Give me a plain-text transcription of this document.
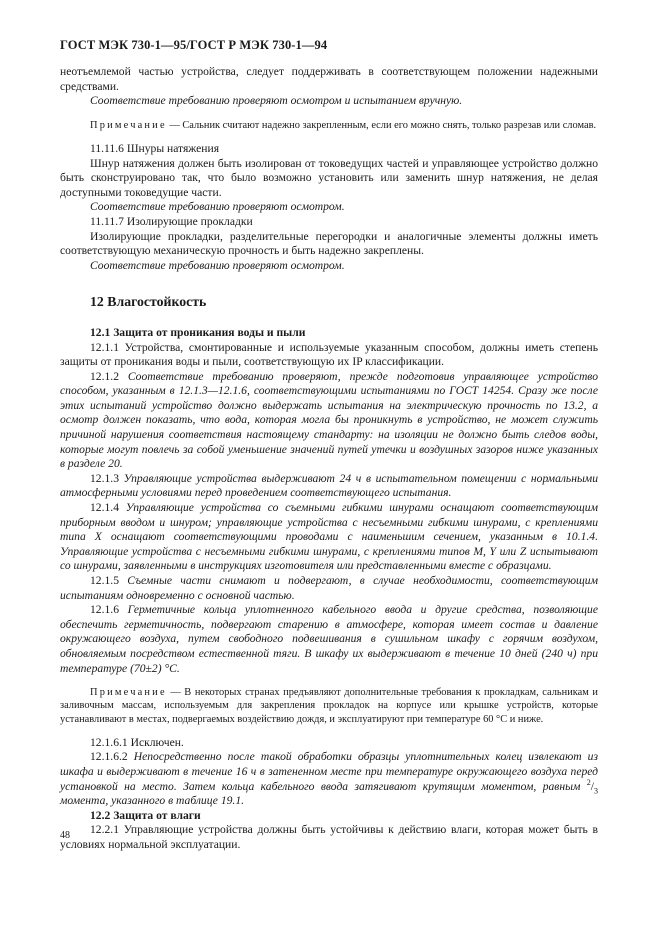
ГОСТ МЭК 730-1—95/ГОСТ Р МЭК 730-1—94

неотъемлемой частью устройства, следует поддерживать в соответствующем положении надежными средствами.

Соответствие требованию проверяют осмотром и испытанием вручную.

Примечание — Сальник считают надежно закрепленным, если его можно снять, только разрезав или сломав.

11.11.6 Шнуры натяжения

Шнур натяжения должен быть изолирован от токоведущих частей и управляющее устройство должно быть сконструировано так, что было возможно установить или заменить шнур натяжения, не делая доступными токоведущие части.

Соответствие требованию проверяют осмотром.

11.11.7 Изолирующие прокладки

Изолирующие прокладки, разделительные перегородки и аналогичные элементы должны иметь соответствующую механическую прочность и быть надежно закреплены.

Соответствие требованию проверяют осмотром.

12 Влагостойкость

12.1 Защита от проникания воды и пыли

12.1.1 Устройства, смонтированные и используемые указанным способом, должны иметь степень защиты от проникания воды и пыли, соответствующую их IP классификации.

12.1.2 Соответствие требованию проверяют, прежде подготовив управляющее устройство способом, указанным в 12.1.3—12.1.6, соответствующими испытаниями по ГОСТ 14254. Сразу же после этих испытаний устройство должно выдержать испытания на электрическую прочность по 13.2, а осмотр должен показать, что вода, которая могла бы проникнуть в устройство, не может служить причиной нарушения соответствия настоящему стандарту: на изоляции не должно быть следов воды, которые могут повлечь за собой уменьшение значений путей утечки и воздушных зазоров ниже указанных в разделе 20.

12.1.3 Управляющие устройства выдерживают 24 ч в испытательном помещении с нормальными атмосферными условиями перед проведением соответствующего испытания.

12.1.4 Управляющие устройства со съемными гибкими шнурами оснащают соответствующим приборным вводом и шнуром; управляющие устройства с несъемными гибкими шнурами, с креплениями типа X оснащают соответствующими проводами с наименьшим сечением, указанным в 10.1.4. Управляющие устройства с несъемными гибкими шнурами, с креплениями типов M, Y или Z испытывают со шнурами, заявленными в инструкциях изготовителя или представленными вместе с образцами.

12.1.5 Съемные части снимают и подвергают, в случае необходимости, соответствующим испытаниям одновременно с основной частью.

12.1.6 Герметичные кольца уплотненного кабельного ввода и другие средства, позволяющие обеспечить герметичность, подвергают старению в атмосфере, которая имеет состав и давление окружающего воздуха, путем свободного подвешивания в сушильном шкафу с горячим воздухом, обновляемым посредством естественной тяги. В шкафу их выдерживают в течение 10 дней (240 ч) при температуре (70±2) °С.

Примечание — В некоторых странах предъявляют дополнительные требования к прокладкам, сальникам и заливочным массам, используемым для закрепления прокладок на корпусе или крышке устройств, которые устанавливают в местах, подвергаемых воздействию дождя, и эксплуатируют при температуре 60 °С и ниже.

12.1.6.1 Исключен.

12.1.6.2 Непосредственно после такой обработки образцы уплотнительных колец извлекают из шкафа и выдерживают в течение 16 ч в затененном месте при температуре окружающего воздуха перед установкой на место. Затем кольца кабельного ввода затягивают крутящим моментом, равным $^2/_3$ момента, указанного в таблице 19.1.

12.2 Защита от влаги

12.2.1 Управляющие устройства должны быть устойчивы к действию влаги, которая может быть в условиях нормальной эксплуатации.

48
